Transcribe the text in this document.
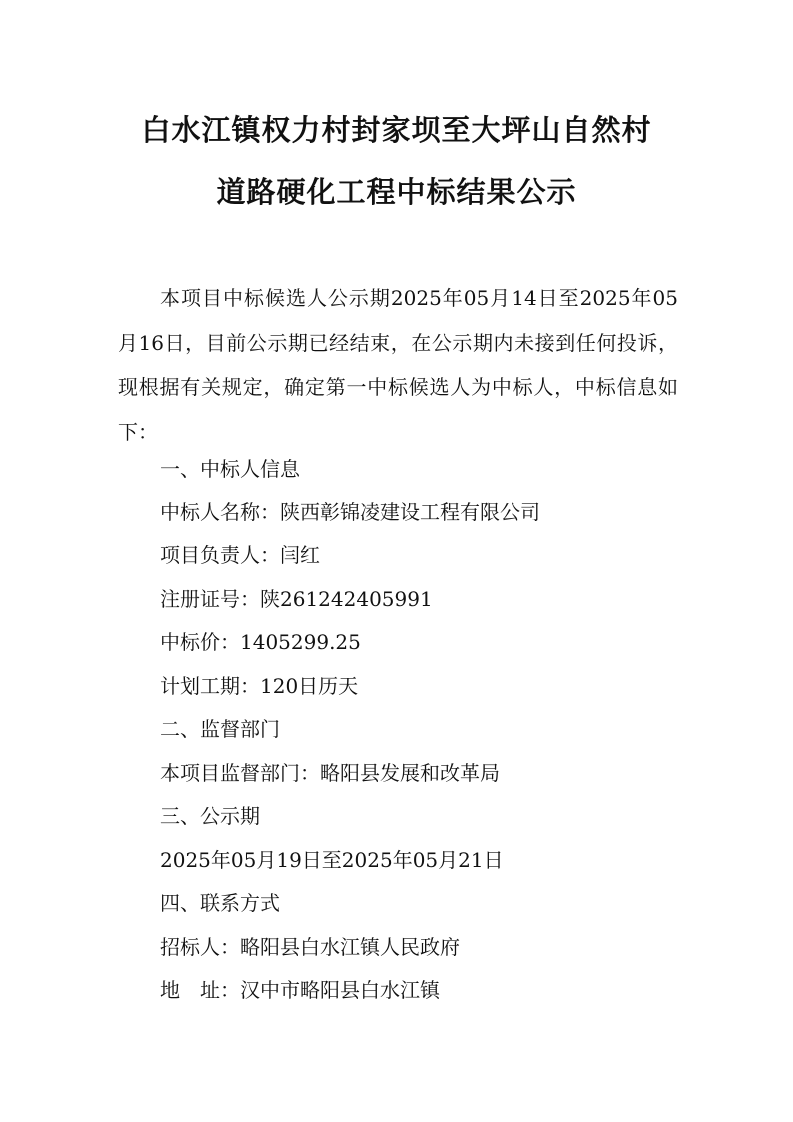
白水江镇权力村封家坝至大坪山自然村
道路硬化工程中标结果公示

本项目中标候选人公示期2025年05月14日至2025年05月16日，目前公示期已经结束，在公示期内未接到任何投诉，现根据有关规定，确定第一中标候选人为中标人，中标信息如下：

一、中标人信息

中标人名称：陕西彰锦凌建设工程有限公司

项目负责人：闫红

注册证号：陕261242405991

中标价：1405299.25

计划工期：120日历天

二、监督部门

本项目监督部门：略阳县发展和改革局

三、公示期

2025年05月19日至2025年05月21日

四、联系方式

招标人：略阳县白水江镇人民政府

地　址：汉中市略阳县白水江镇
